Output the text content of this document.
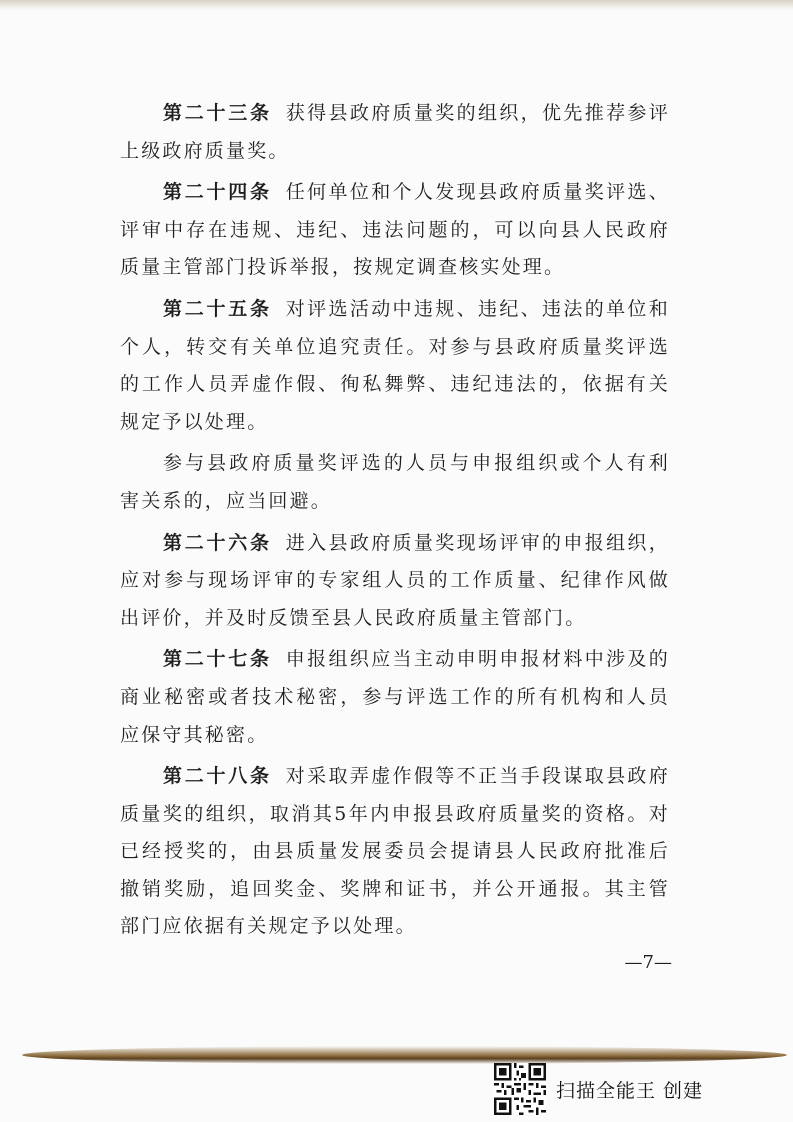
第二十三条 获得县政府质量奖的组织，优先推荐参评上级政府质量奖。

第二十四条 任何单位和个人发现县政府质量奖评选、评审中存在违规、违纪、违法问题的，可以向县人民政府质量主管部门投诉举报，按规定调查核实处理。

第二十五条 对评选活动中违规、违纪、违法的单位和个人，转交有关单位追究责任。对参与县政府质量奖评选的工作人员弄虚作假、徇私舞弊、违纪违法的，依据有关规定予以处理。

参与县政府质量奖评选的人员与申报组织或个人有利害关系的，应当回避。

第二十六条 进入县政府质量奖现场评审的申报组织，应对参与现场评审的专家组人员的工作质量、纪律作风做出评价，并及时反馈至县人民政府质量主管部门。

第二十七条 申报组织应当主动申明申报材料中涉及的商业秘密或者技术秘密，参与评选工作的所有机构和人员应保守其秘密。

第二十八条 对采取弄虚作假等不正当手段谋取县政府质量奖的组织，取消其5年内申报县政府质量奖的资格。对已经授奖的，由县质量发展委员会提请县人民政府批准后撤销奖励，追回奖金、奖牌和证书，并公开通报。其主管部门应依据有关规定予以处理。

—7—
扫描全能王 创建
